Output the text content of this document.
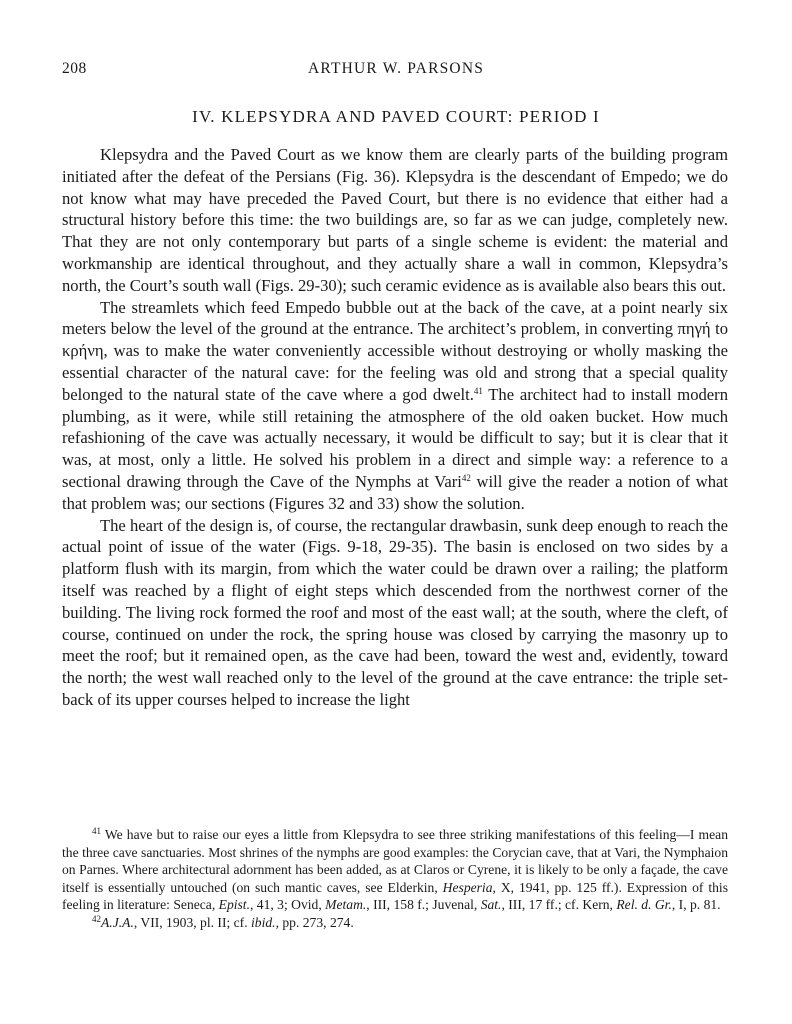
208	ARTHUR W. PARSONS
IV. KLEPSYDRA AND PAVED COURT: PERIOD I

Klepsydra and the Paved Court as we know them are clearly parts of the building program initiated after the defeat of the Persians (Fig. 36). Klepsydra is the descendant of Empedo; we do not know what may have preceded the Paved Court, but there is no evidence that either had a structural history before this time: the two buildings are, so far as we can judge, completely new. That they are not only contemporary but parts of a single scheme is evident: the material and workmanship are identical throughout, and they actually share a wall in common, Klepsydra’s north, the Court’s south wall (Figs. 29-30); such ceramic evidence as is available also bears this out.

The streamlets which feed Empedo bubble out at the back of the cave, at a point nearly six meters below the level of the ground at the entrance. The architect’s problem, in converting πηγή to κρήνη, was to make the water conveniently accessible without destroying or wholly masking the essential character of the natural cave: for the feeling was old and strong that a special quality belonged to the natural state of the cave where a god dwelt.$^{41}$ The architect had to install modern plumbing, as it were, while still retaining the atmosphere of the old oaken bucket. How much refashioning of the cave was actually necessary, it would be difficult to say; but it is clear that it was, at most, only a little. He solved his problem in a direct and simple way: a reference to a sectional drawing through the Cave of the Nymphs at Vari$^{42}$ will give the reader a notion of what that problem was; our sections (Figures 32 and 33) show the solution.

The heart of the design is, of course, the rectangular drawbasin, sunk deep enough to reach the actual point of issue of the water (Figs. 9-18, 29-35). The basin is enclosed on two sides by a platform flush with its margin, from which the water could be drawn over a railing; the platform itself was reached by a flight of eight steps which descended from the northwest corner of the building. The living rock formed the roof and most of the east wall; at the south, where the cleft, of course, continued on under the rock, the spring house was closed by carrying the masonry up to meet the roof; but it remained open, as the cave had been, toward the west and, evidently, toward the north; the west wall reached only to the level of the ground at the cave entrance: the triple set-back of its upper courses helped to increase the light

$^{41}$ We have but to raise our eyes a little from Klepsydra to see three striking manifestations of this feeling—I mean the three cave sanctuaries. Most shrines of the nymphs are good examples: the Corycian cave, that at Vari, the Nymphaion on Parnes. Where architectural adornment has been added, as at Claros or Cyrene, it is likely to be only a façade, the cave itself is essentially untouched (on such mantic caves, see Elderkin, Hesperia, X, 1941, pp. 125 ff.). Expression of this feeling in literature: Seneca, Epist., 41, 3; Ovid, Metam., III, 158 f.; Juvenal, Sat., III, 17 ff.; cf. Kern, Rel. d. Gr., I, p. 81.

$^{42}$A.J.A., VII, 1903, pl. II; cf. ibid., pp. 273, 274.
